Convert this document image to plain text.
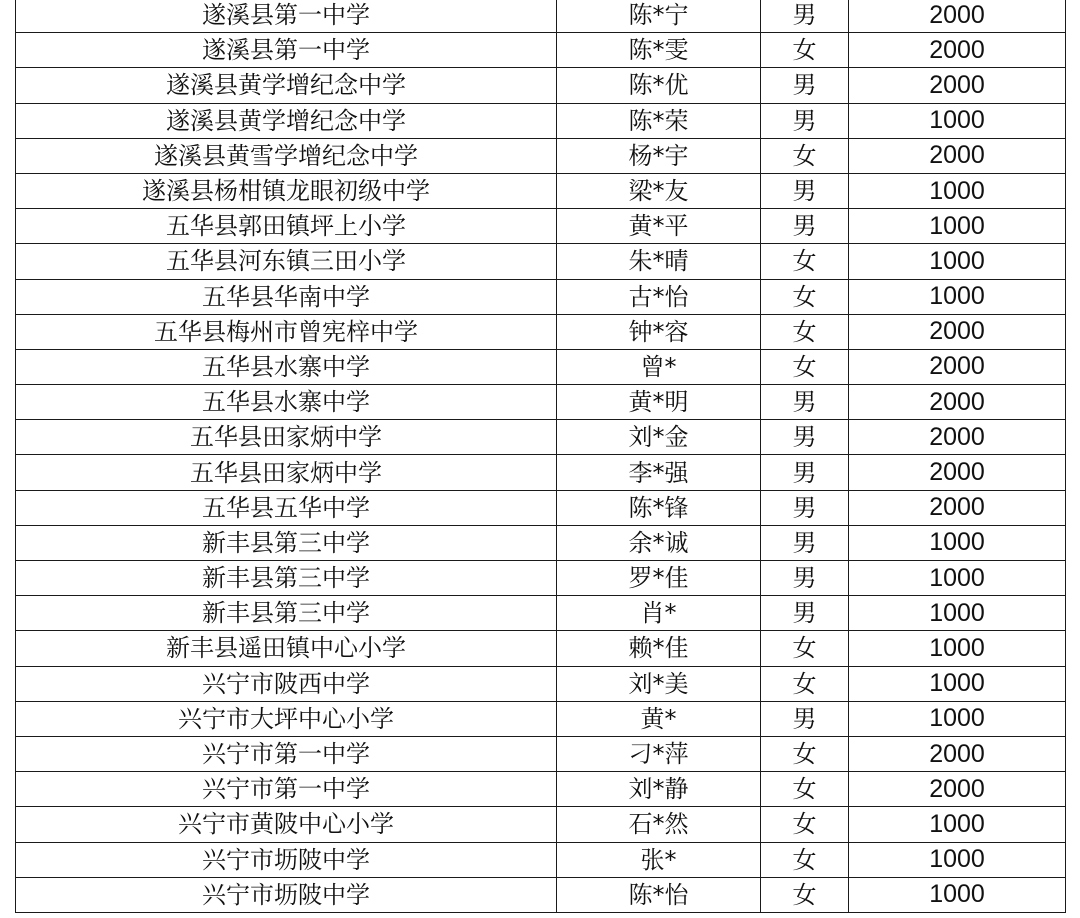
遂溪县第一中学	陈*宁	男	2000
遂溪县第一中学	陈*雯	女	2000
遂溪县黄学增纪念中学	陈*优	男	2000
遂溪县黄学增纪念中学	陈*荣	男	1000
遂溪县黄雪学增纪念中学	杨*宇	女	2000
遂溪县杨柑镇龙眼初级中学	梁*友	男	1000
五华县郭田镇坪上小学	黄*平	男	1000
五华县河东镇三田小学	朱*晴	女	1000
五华县华南中学	古*怡	女	1000
五华县梅州市曾宪梓中学	钟*容	女	2000
五华县水寨中学	曾*	女	2000
五华县水寨中学	黄*明	男	2000
五华县田家炳中学	刘*金	男	2000
五华县田家炳中学	李*强	男	2000
五华县五华中学	陈*锋	男	2000
新丰县第三中学	余*诚	男	1000
新丰县第三中学	罗*佳	男	1000
新丰县第三中学	肖*	男	1000
新丰县遥田镇中心小学	赖*佳	女	1000
兴宁市陂西中学	刘*美	女	1000
兴宁市大坪中心小学	黄*	男	1000
兴宁市第一中学	刁*萍	女	2000
兴宁市第一中学	刘*静	女	2000
兴宁市黄陂中心小学	石*然	女	1000
兴宁市坜陂中学	张*	女	1000
兴宁市坜陂中学	陈*怡	女	1000
